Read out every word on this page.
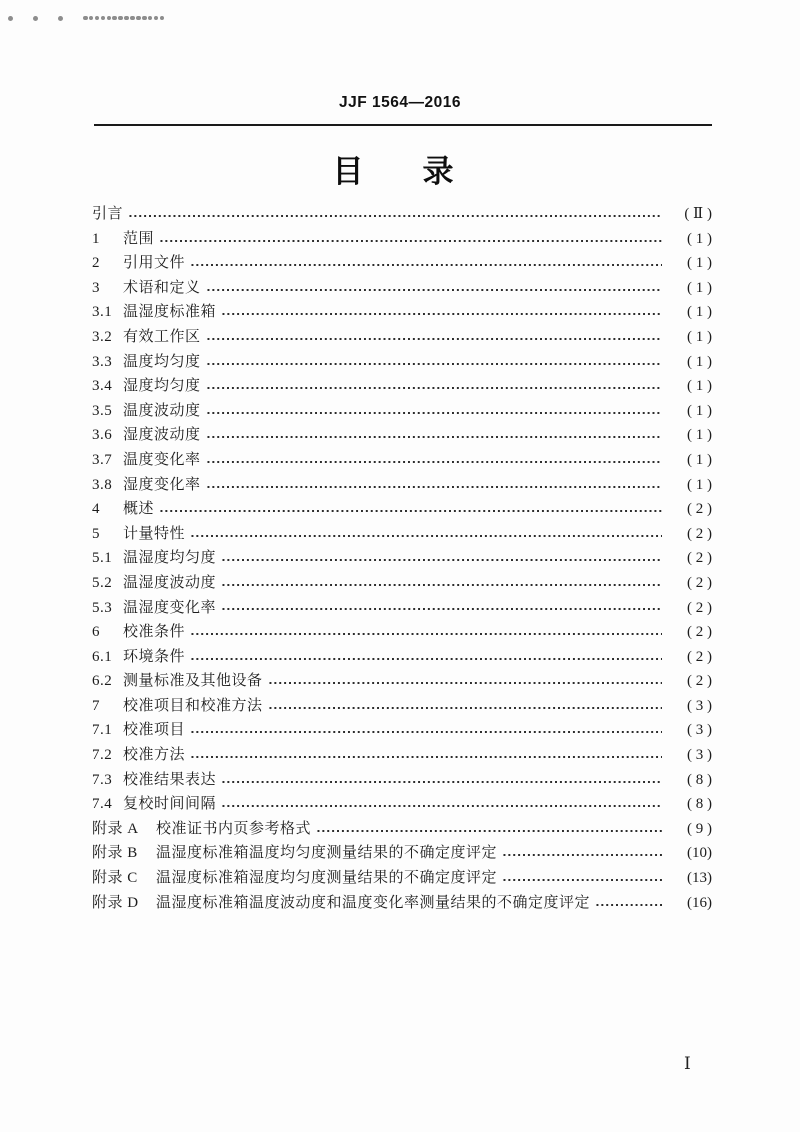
JJF 1564—2016
目　录
引言	( Ⅱ )
1	范围	( 1 )
2	引用文件	( 1 )
3	术语和定义	( 1 )
3.1 温湿度标准箱	( 1 )
3.2 有效工作区	( 1 )
3.3 温度均匀度	( 1 )
3.4 湿度均匀度	( 1 )
3.5 温度波动度	( 1 )
3.6 湿度波动度	( 1 )
3.7 温度变化率	( 1 )
3.8 湿度变化率	( 1 )
4	概述	( 2 )
5	计量特性	( 2 )
5.1 温湿度均匀度	( 2 )
5.2 温湿度波动度	( 2 )
5.3 温湿度变化率	( 2 )
6	校准条件	( 2 )
6.1 环境条件	( 2 )
6.2 测量标准及其他设备	( 2 )
7	校准项目和校准方法	( 3 )
7.1 校准项目	( 3 )
7.2 校准方法	( 3 )
7.3 校准结果表达	( 8 )
7.4 复校时间间隔	( 8 )
附录 A	校准证书内页参考格式	( 9 )
附录 B	温湿度标准箱温度均匀度测量结果的不确定度评定	(10)
附录 C	温湿度标准箱湿度均匀度测量结果的不确定度评定	(13)
附录 D	温湿度标准箱温度波动度和温度变化率测量结果的不确定度评定	(16)
Ⅰ
